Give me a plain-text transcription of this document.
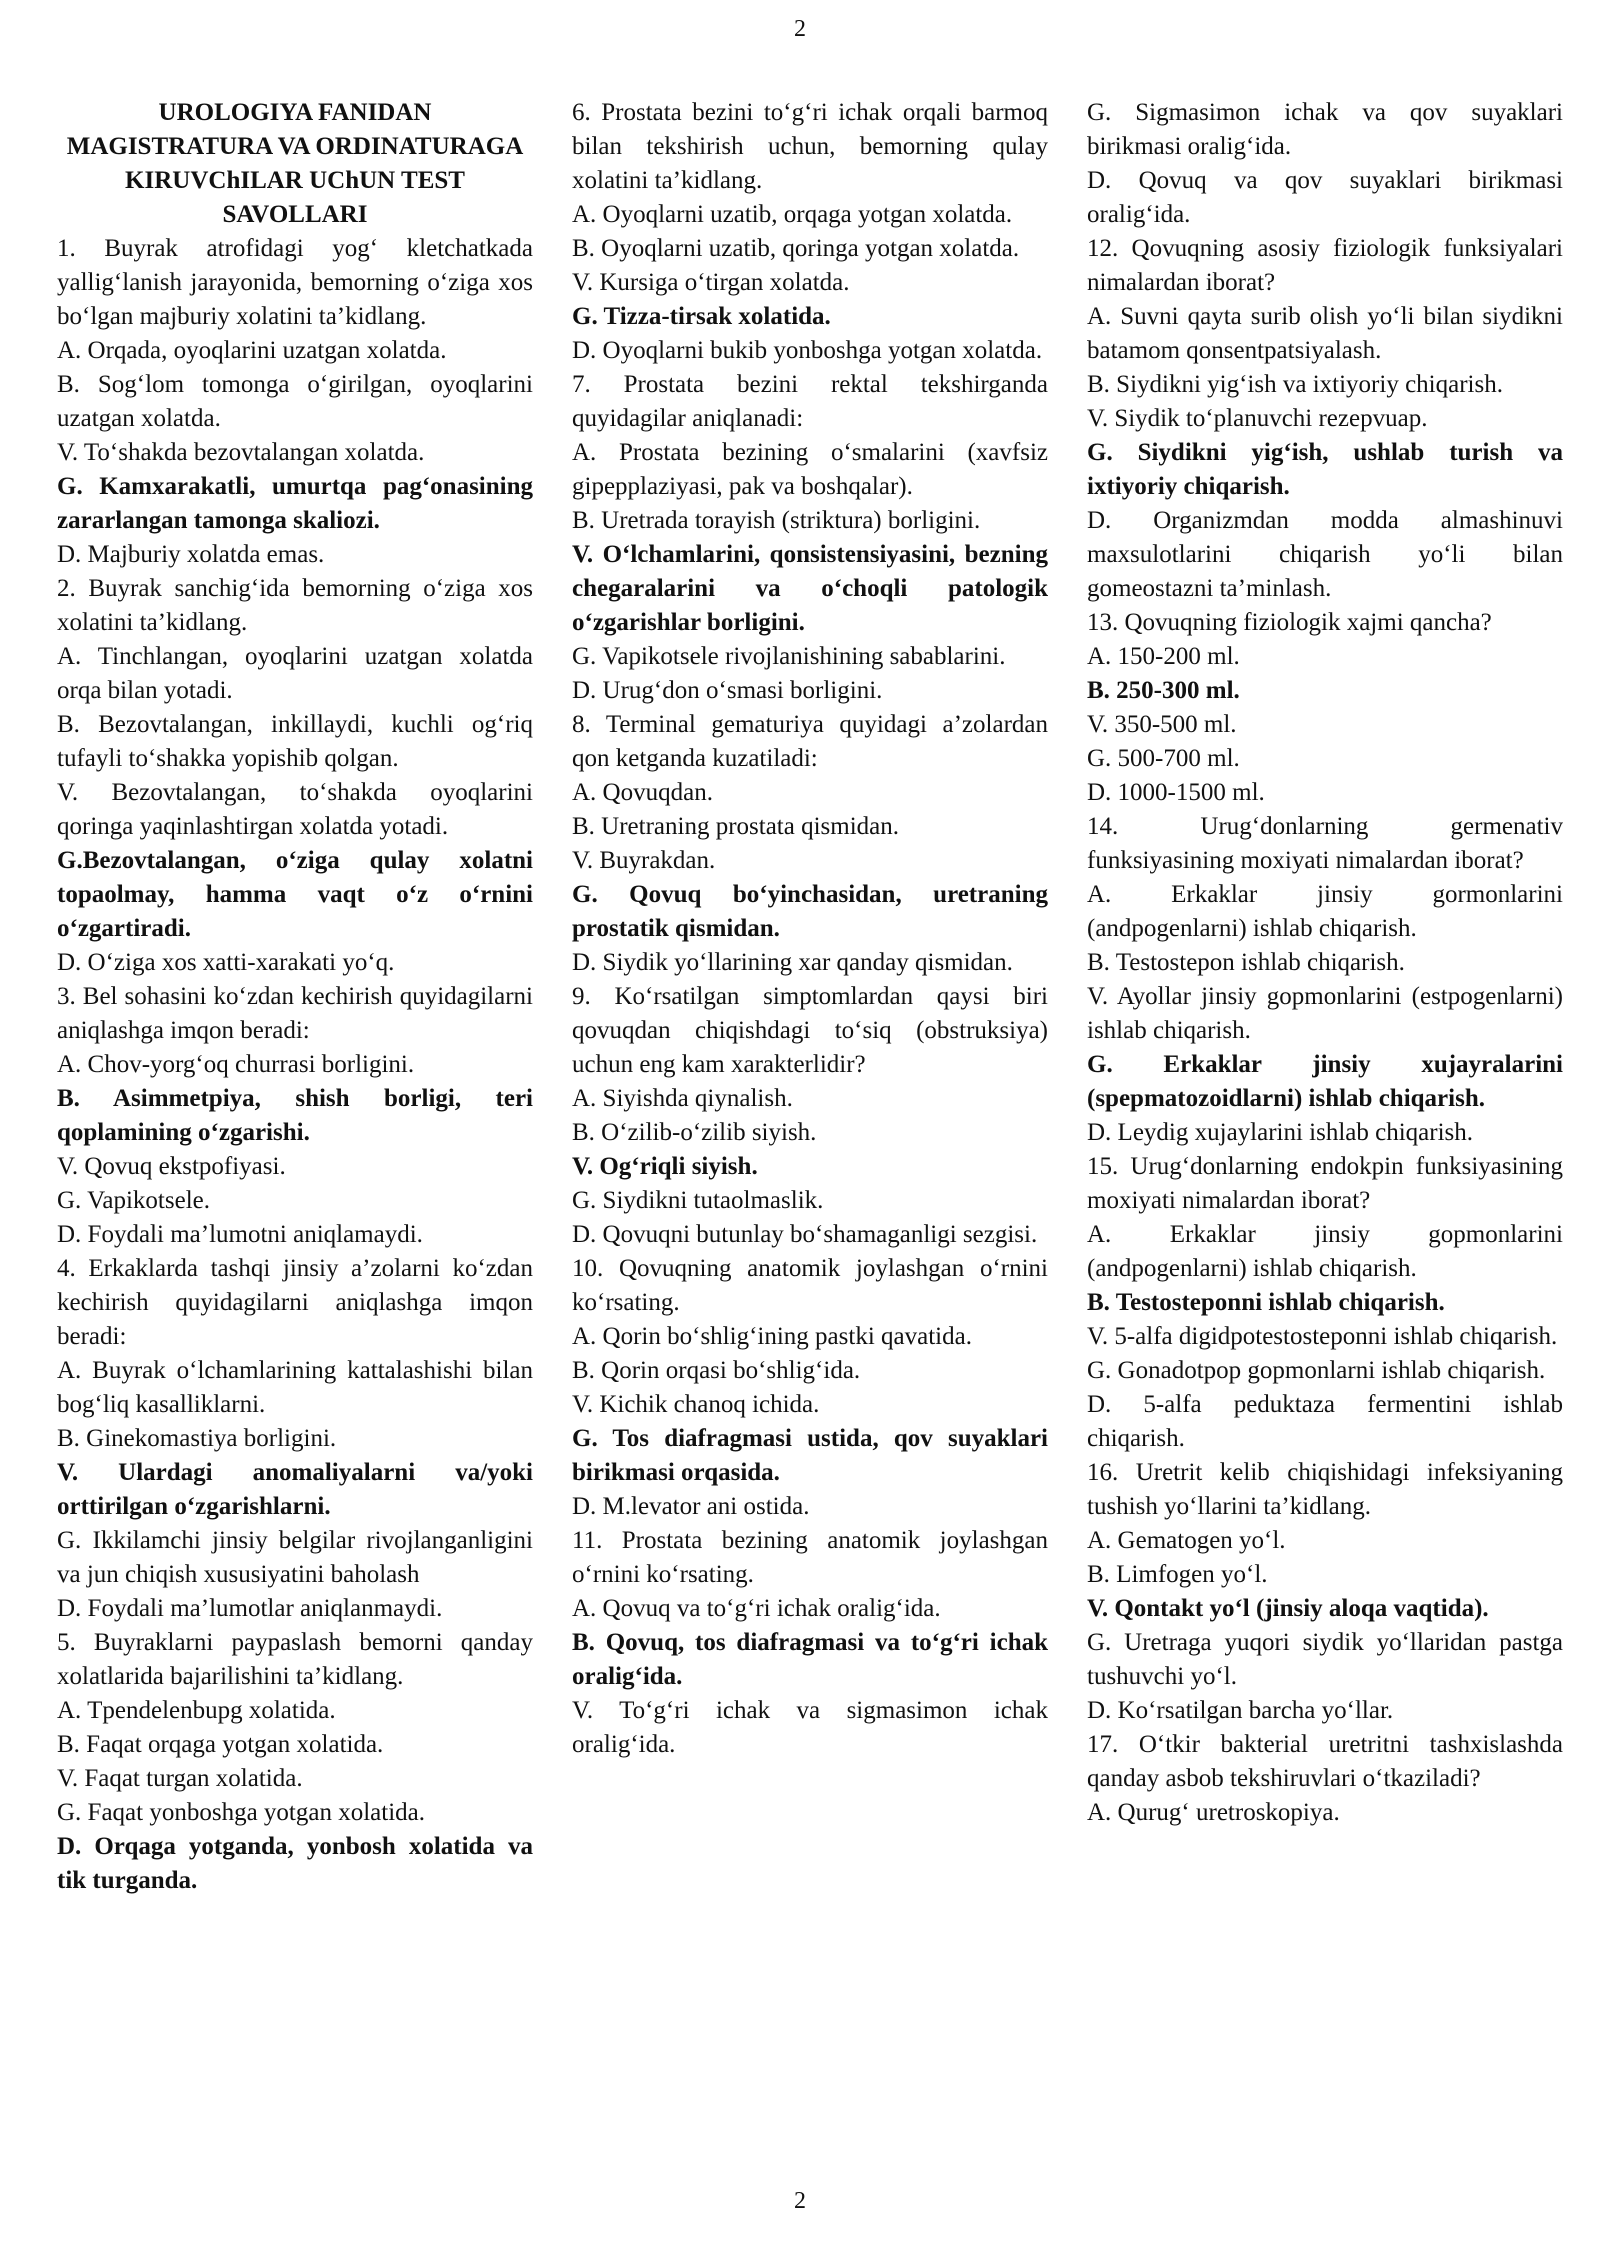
2

UROLOGIYA FANIDAN MAGISTRATURA VA ORDINATURAGA KIRUVChILAR UChUN TEST SAVOLLARI

1. Buyrak atrofidagi yog‘ kletchatkada yallig‘lanish jarayonida, bemorning o‘ziga xos bo‘lgan majburiy xolatini ta’kidlang.

A. Orqada, oyoqlarini uzatgan xolatda.

B. Sog‘lom tomonga o‘girilgan, oyoqlarini uzatgan xolatda.

V. To‘shakda bezovtalangan xolatda.

G. Kamxarakatli, umurtqa pag‘onasining zararlangan tamonga skaliozi.

D. Majburiy xolatda emas.

2. Buyrak sanchig‘ida bemorning o‘ziga xos xolatini ta’kidlang.

A. Tinchlangan, oyoqlarini uzatgan xolatda orqa bilan yotadi.

B. Bezovtalangan, inkillaydi, kuchli og‘riq tufayli to‘shakka yopishib qolgan.

V. Bezovtalangan, to‘shakda oyoqlarini qoringa yaqinlashtirgan xolatda yotadi.

G.Bezovtalangan, o‘ziga qulay xolatni topaolmay, hamma vaqt o‘z o‘rnini o‘zgartiradi.

D. O‘ziga xos xatti-xarakati yo‘q.

3. Bel sohasini ko‘zdan kechirish quyidagilarni aniqlashga imqon beradi:

A. Chov-yorg‘oq churrasi borligini.

B. Asimmetpiya, shish borligi, teri qoplamining o‘zgarishi.

V. Qovuq ekstpofiyasi.

G. Vapikotsele.

D. Foydali ma’lumotni aniqlamaydi.

4. Erkaklarda tashqi jinsiy a’zolarni ko‘zdan kechirish quyidagilarni aniqlashga imqon beradi:

A. Buyrak o‘lchamlarining kattalashishi bilan bog‘liq kasalliklarni.

B. Ginekomastiya borligini.

V. Ulardagi anomaliyalarni va/yoki orttirilgan o‘zgarishlarni.

G. Ikkilamchi jinsiy belgilar rivojlanganligini va jun chiqish xususiyatini baholash

D. Foydali ma’lumotlar aniqlanmaydi.

5. Buyraklarni paypaslash bemorni qanday xolatlarida bajarilishini ta’kidlang.

A. Tpendelenbupg xolatida.

B. Faqat orqaga yotgan xolatida.

V. Faqat turgan xolatida.

G. Faqat yonboshga yotgan xolatida.

D. Orqaga yotganda, yonbosh xolatida va tik turganda.

6. Prostata bezini to‘g‘ri ichak orqali barmoq bilan tekshirish uchun, bemorning qulay xolatini ta’kidlang.

A. Oyoqlarni uzatib, orqaga yotgan xolatda.

B. Oyoqlarni uzatib, qoringa yotgan xolatda.

V. Kursiga o‘tirgan xolatda.

G. Tizza-tirsak xolatida.

D. Oyoqlarni bukib yonboshga yotgan xolatda.

7. Prostata bezini rektal tekshirganda quyidagilar aniqlanadi:

A. Prostata bezining o‘smalarini (xavfsiz gipepplaziyasi, pak va boshqalar).

B. Uretrada torayish (striktura) borligini.

V. O‘lchamlarini, qonsistensiyasini, bezning chegaralarini va o‘choqli patologik o‘zgarishlar borligini.

G. Vapikotsele rivojlanishining sabablarini.

D. Urug‘don o‘smasi borligini.

8. Terminal gematuriya quyidagi a’zolardan qon ketganda kuzatiladi:

A. Qovuqdan.

B. Uretraning prostata qismidan.

V. Buyrakdan.

G. Qovuq bo‘yinchasidan, uretraning prostatik qismidan.

D. Siydik yo‘llarining xar qanday qismidan.

9. Ko‘rsatilgan simptomlardan qaysi biri qovuqdan chiqishdagi to‘siq (obstruksiya) uchun eng kam xarakterlidir?

A. Siyishda qiynalish.

B. O‘zilib-o‘zilib siyish.

V. Og‘riqli siyish.

G. Siydikni tutaolmaslik.

D. Qovuqni butunlay bo‘shamaganligi sezgisi.

10. Qovuqning anatomik joylashgan o‘rnini ko‘rsating.

A. Qorin bo‘shlig‘ining pastki qavatida.

B. Qorin orqasi bo‘shlig‘ida.

V. Kichik chanoq ichida.

G. Tos diafragmasi ustida, qov suyaklari birikmasi orqasida.

D. M.levator ani ostida.

11. Prostata bezining anatomik joylashgan o‘rnini ko‘rsating.

A. Qovuq va to‘g‘ri ichak oralig‘ida.

B. Qovuq, tos diafragmasi va to‘g‘ri ichak oralig‘ida.

V. To‘g‘ri ichak va sigmasimon ichak oralig‘ida.

G. Sigmasimon ichak va qov suyaklari birikmasi oralig‘ida.

D. Qovuq va qov suyaklari birikmasi oralig‘ida.

12. Qovuqning asosiy fiziologik funksiyalari nimalardan iborat?

A. Suvni qayta surib olish yo‘li bilan siydikni batamom qonsentpatsiyalash.

B. Siydikni yig‘ish va ixtiyoriy chiqarish.

V. Siydik to‘planuvchi rezepvuap.

G. Siydikni yig‘ish, ushlab turish va ixtiyoriy chiqarish.

D. Organizmdan modda almashinuvi maxsulotlarini chiqarish yo‘li bilan gomeostazni ta’minlash.

13. Qovuqning fiziologik xajmi qancha?

A. 150-200 ml.

B. 250-300 ml.

V. 350-500 ml.

G. 500-700 ml.

D. 1000-1500 ml.

14. Urug‘donlarning germenativ funksiyasining moxiyati nimalardan iborat?

A. Erkaklar jinsiy gormonlarini (andpogenlarni) ishlab chiqarish.

B. Testostepon ishlab chiqarish.

V. Ayollar jinsiy gopmonlarini (estpogenlarni) ishlab chiqarish.

G. Erkaklar jinsiy xujayralarini (spepmatozoidlarni) ishlab chiqarish.

D. Leydig xujaylarini ishlab chiqarish.

15. Urug‘donlarning endokpin funksiyasining moxiyati nimalardan iborat?

A. Erkaklar jinsiy gopmonlarini (andpogenlarni) ishlab chiqarish.

B. Testosteponni ishlab chiqarish.

V. 5-alfa digidpotestosteponni ishlab chiqarish.

G. Gonadotpop gopmonlarni ishlab chiqarish.

D. 5-alfa peduktaza fermentini ishlab chiqarish.

16. Uretrit kelib chiqishidagi infeksiyaning tushish yo‘llarini ta’kidlang.

A. Gematogen yo‘l.

B. Limfogen yo‘l.

V. Qontakt yo‘l (jinsiy aloqa vaqtida).

G. Uretraga yuqori siydik yo‘llaridan pastga tushuvchi yo‘l.

D. Ko‘rsatilgan barcha yo‘llar.

17. O‘tkir bakterial uretritni tashxislashda qanday asbob tekshiruvlari o‘tkaziladi?

A. Qurug‘ uretroskopiya.

2
